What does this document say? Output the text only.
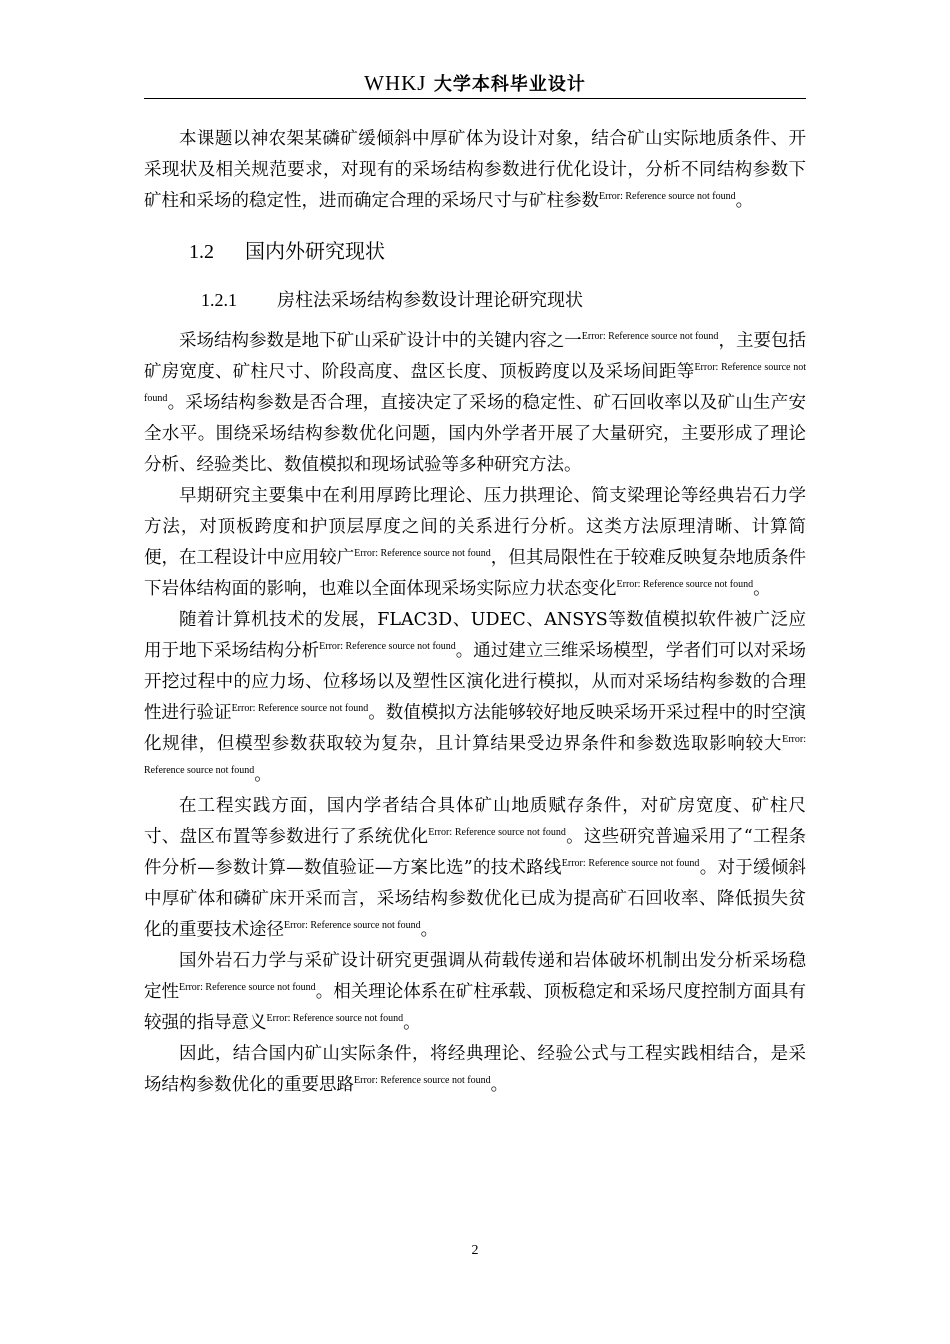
WHKJ 大学本科毕业设计

本课题以神农架某磷矿缓倾斜中厚矿体为设计对象，结合矿山实际地质条件、开采现状及相关规范要求，对现有的采场结构参数进行优化设计，分析不同结构参数下矿柱和采场的稳定性，进而确定合理的采场尺寸与矿柱参数$^{Error: Reference source not found}$。

1.2 国内外研究现状
1.2.1 房柱法采场结构参数设计理论研究现状

采场结构参数是地下矿山采矿设计中的关键内容之一$^{Error: Reference source not found}$，主要包括矿房宽度、矿柱尺寸、阶段高度、盘区长度、顶板跨度以及采场间距等$^{Error: Reference source not found}$。采场结构参数是否合理，直接决定了采场的稳定性、矿石回收率以及矿山生产安全水平。围绕采场结构参数优化问题，国内外学者开展了大量研究，主要形成了理论分析、经验类比、数值模拟和现场试验等多种研究方法。

早期研究主要集中在利用厚跨比理论、压力拱理论、简支梁理论等经典岩石力学方法，对顶板跨度和护顶层厚度之间的关系进行分析。这类方法原理清晰、计算简便，在工程设计中应用较广$^{Error: Reference source not found}$，但其局限性在于较难反映复杂地质条件下岩体结构面的影响，也难以全面体现采场实际应力状态变化$^{Error: Reference source not found}$。

随着计算机技术的发展，FLAC3D、UDEC、ANSYS等数值模拟软件被广泛应用于地下采场结构分析$^{Error: Reference source not found}$。通过建立三维采场模型，学者们可以对采场开挖过程中的应力场、位移场以及塑性区演化进行模拟，从而对采场结构参数的合理性进行验证$^{Error: Reference source not found}$。数值模拟方法能够较好地反映采场开采过程中的时空演化规律，但模型参数获取较为复杂，且计算结果受边界条件和参数选取影响较大$^{Error: Reference source not found}$。

在工程实践方面，国内学者结合具体矿山地质赋存条件，对矿房宽度、矿柱尺寸、盘区布置等参数进行了系统优化$^{Error: Reference source not found}$。这些研究普遍采用了“工程条件分析—参数计算—数值验证—方案比选”的技术路线$^{Error: Reference source not found}$。对于缓倾斜中厚矿体和磷矿床开采而言，采场结构参数优化已成为提高矿石回收率、降低损失贫化的重要技术途径$^{Error: Reference source not found}$。

国外岩石力学与采矿设计研究更强调从荷载传递和岩体破坏机制出发分析采场稳定性$^{Error: Reference source not found}$。相关理论体系在矿柱承载、顶板稳定和采场尺度控制方面具有较强的指导意义$^{Error: Reference source not found}$。

因此，结合国内矿山实际条件，将经典理论、经验公式与工程实践相结合，是采场结构参数优化的重要思路$^{Error: Reference source not found}$。

2
